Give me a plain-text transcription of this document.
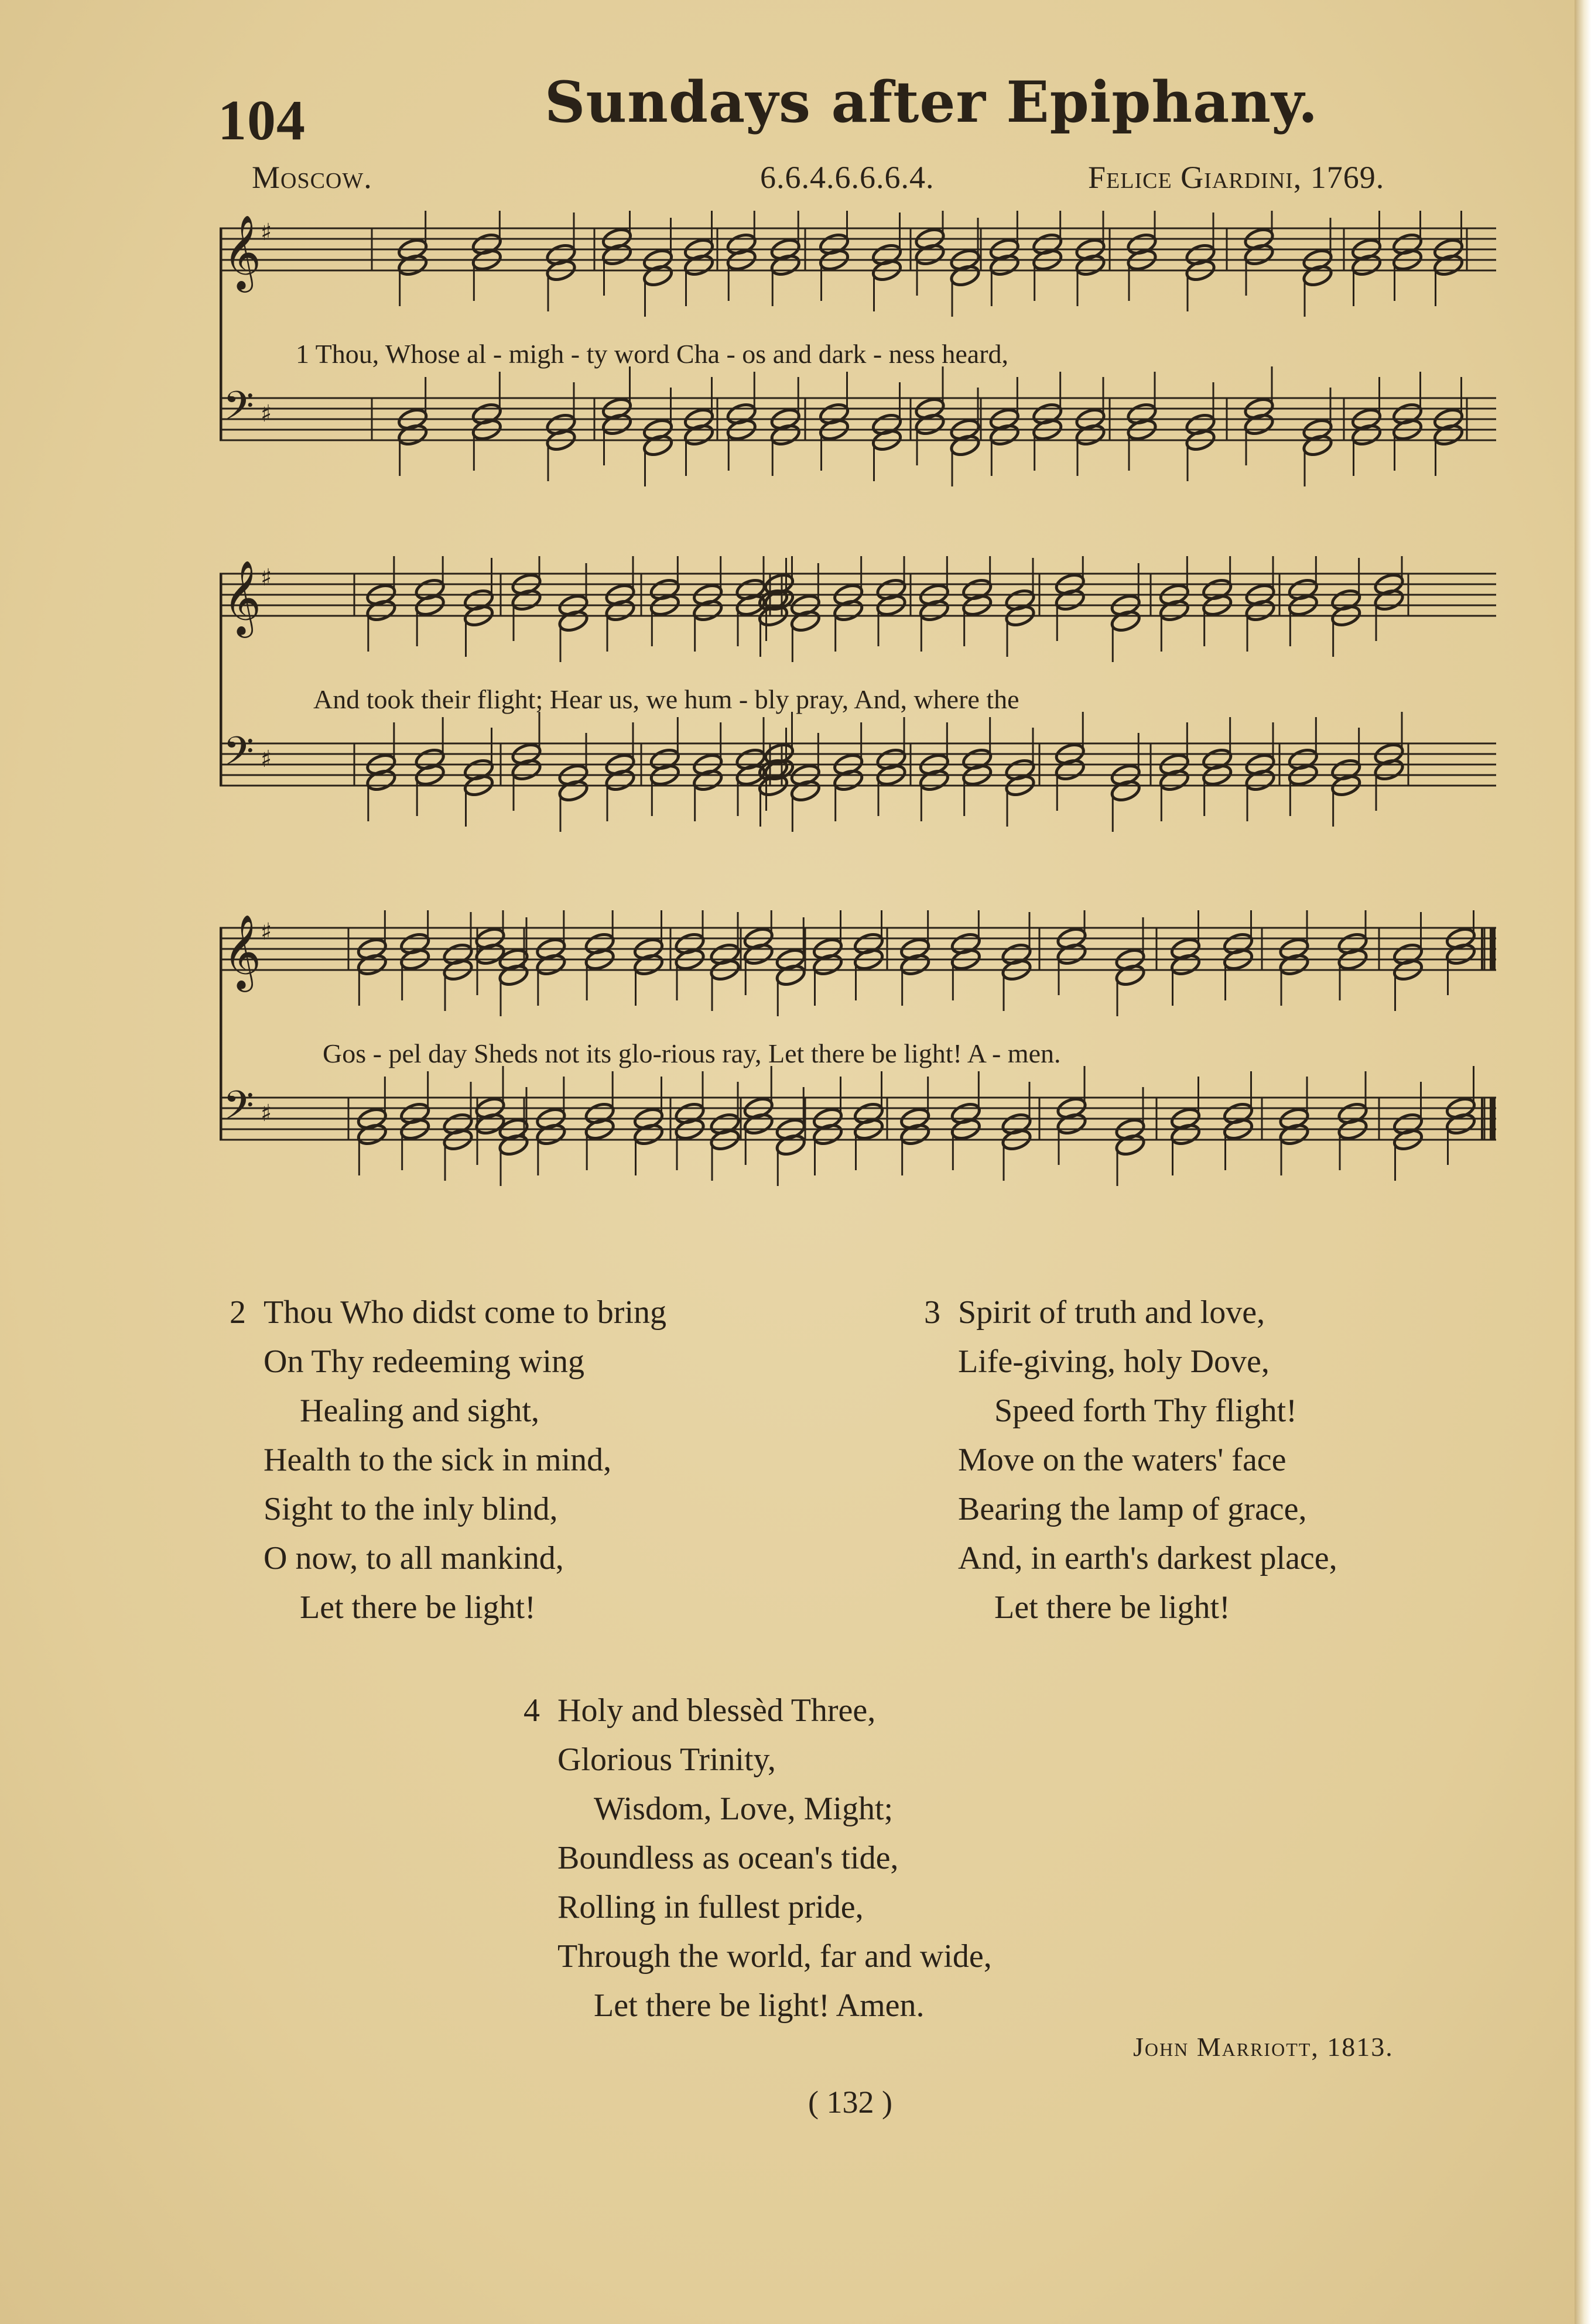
104	Sundays after Epiphany.
Moscow.	6.6.4.6.6.6.4.	Felice Giardini, 1769.
𝄞
♯
𝄢 ♯
1 Thou, Whose al - migh - ty word Cha - os and dark - ness heard,
𝄞
♯
𝄢 ♯
And took their flight; Hear us, we hum - bly pray, And, where the
𝄞
♯
𝄢 ♯
Gos - pel day Sheds not its glo-rious ray, Let there be light! A - men.
2 Thou Who didst come to bring
On Thy redeeming wing
Healing and sight,
Health to the sick in mind,
Sight to the inly blind,
O now, to all mankind,
Let there be light!
3 Spirit of truth and love,
Life-giving, holy Dove,
Speed forth Thy flight!
Move on the waters' face
Bearing the lamp of grace,
And, in earth's darkest place,
Let there be light!
4 Holy and blessèd Three,
Glorious Trinity,
Wisdom, Love, Might;
Boundless as ocean's tide,
Rolling in fullest pride,
Through the world, far and wide,
Let there be light! Amen.
John Marriott, 1813.
( 132 )
